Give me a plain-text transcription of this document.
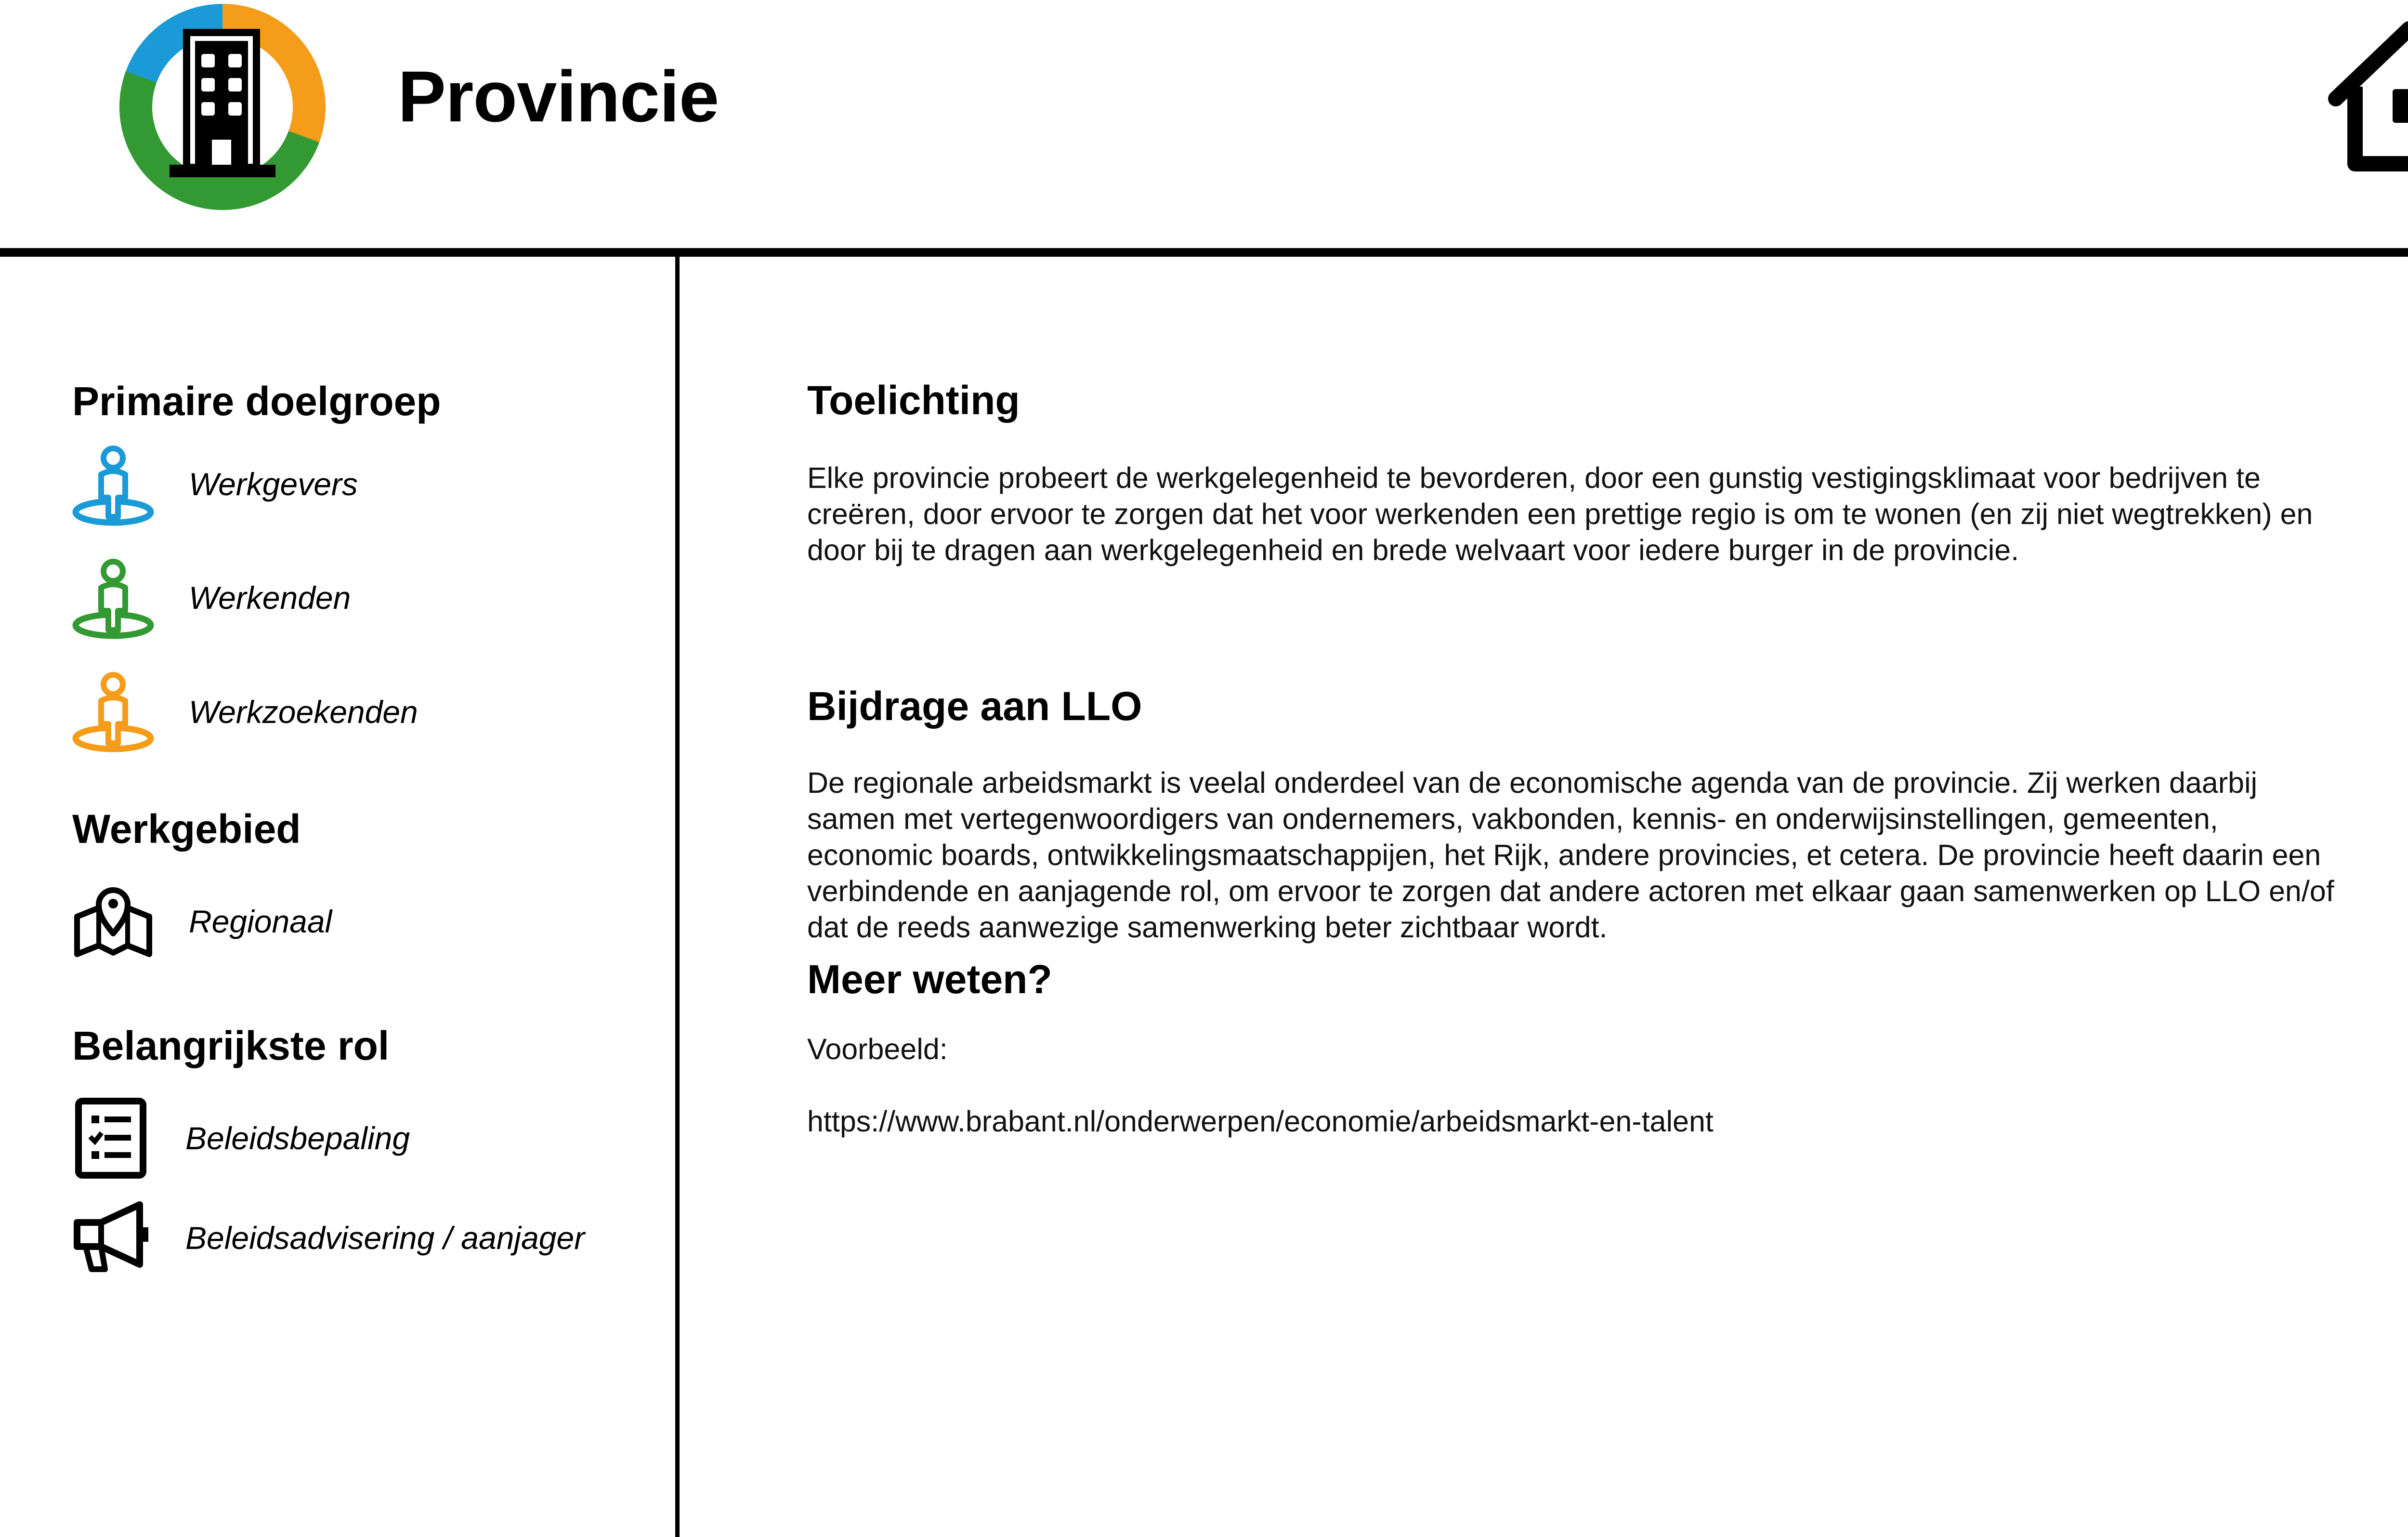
Provincie
Primaire doelgroep
Werkgevers
Werkenden
Werkzoekenden
Werkgebied
Regionaal
Belangrijkste rol
Beleidsbepaling
Beleidsadvisering / aanjager
Toelichting
Elke provincie probeert de werkgelegenheid te bevorderen, door een gunstig vestigingsklimaat voor bedrijven te creëren, door ervoor te zorgen dat het voor werkenden een prettige regio is om te wonen (en zij niet wegtrekken) en door bij te dragen aan werkgelegenheid en brede welvaart voor iedere burger in de provincie.
Bijdrage aan LLO
De regionale arbeidsmarkt is veelal onderdeel van de economische agenda van de provincie. Zij werken daarbij samen met vertegenwoordigers van ondernemers, vakbonden, kennis- en onderwijsinstellingen, gemeenten, economic boards, ontwikkelingsmaatschappijen, het Rijk, andere provincies, et cetera. De provincie heeft daarin een verbindende en aanjagende rol, om ervoor te zorgen dat andere actoren met elkaar gaan samenwerken op LLO en/of dat de reeds aanwezige samenwerking beter zichtbaar wordt.
Meer weten?
Voorbeeld:
https://www.brabant.nl/onderwerpen/economie/arbeidsmarkt-en-talent
